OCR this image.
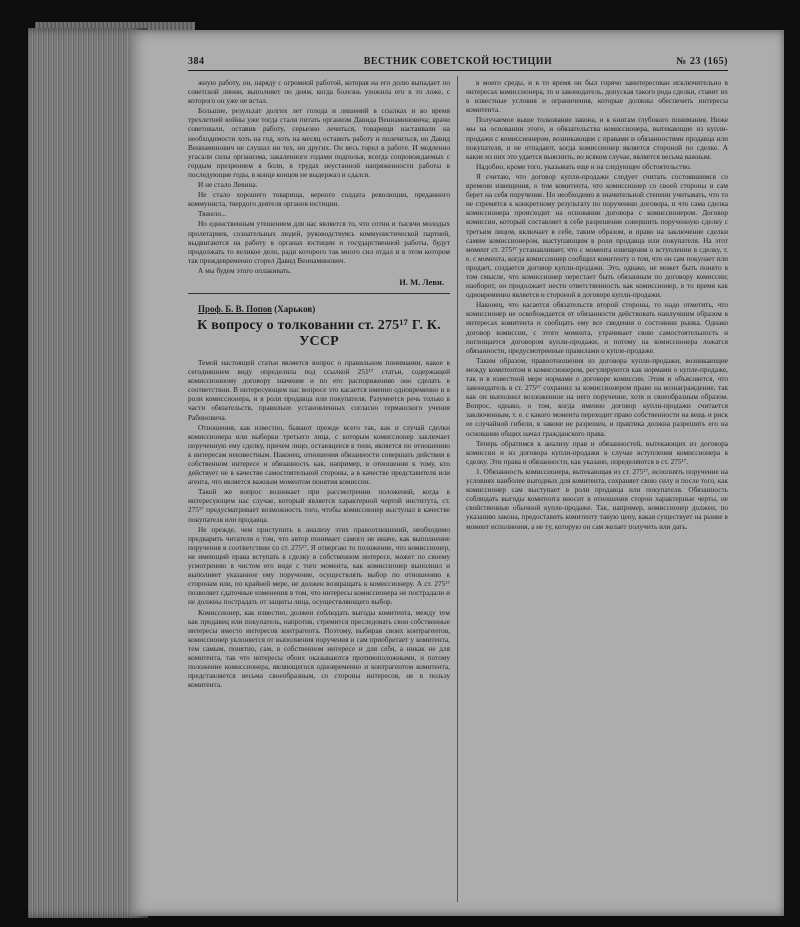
384	ВЕСТНИК СОВЕТСКОЙ ЮСТИЦИИ	№ 23 (165)

жную работу, он, наряду с огромной работой, которая на его долю выпадает по советской линии, выполняет по дням, когда болезнь уложила его в то ложе, с которого он уже не встал.

Большие, резульzат долгих лет голода и лишений в ссылках и во время трехлетней войны уже тогда стали питать организм Давида Вениаминовича; врачи советовали, оставив работу, серьезно лечиться, товарищи настаивали на необходимости хоть на год, хоть на месяц оставить работу и полечиться, но Давид Вениаминович не слушал ни тех, ни других. Он весь горел в работе. И медленно угасали силы организма, закаленного годами подполья, всегда сопровождаемых с гордым презрением к боли, в трудах неустанной напряженности работы в последующие годы, в конце концов не выдержал и сдался.

И не стало Левина.

Не стало хорошего товарища, верного солдата революции, преданного коммуниста, твердого деятеля органов юстиции.

Тяжело...

Но единственным утешением для нас является то, что сотни и тысячи молодых пролетариев, сознательных людей, руководствуясь коммунистической партией, выдвигаются на работу в органах юстиции и государственной работы, будут продолжать то великое дело, ради которого так много сил отдал и в этом котором так преждевременно сгорел Давид Вениаминович.

А мы будем этого оплакивать.

И. М. Леви.
Проф. Б. В. Попов (Харьков)
К вопросу о толковании ст. 275¹⁷ Г. К. УССР

Темой настоящей статьи является вопрос о правильном понимании, какое в сегодняшнем виду определила под ссылкой 251¹⁷ статьи, содержащей комиссионному договору значение и по его распоряжению оно сделать в соответствии. В интересующем нас вопросе это касается именно одновременно и в роли комиссионера, и в роли продавца или покупателя. Разумеется речь только в части обязательств, правильно установленных согласно германского учения Рабиновича.

Отношения, как известно, бывают прежде всего так, как и случай сделки комиссионера или выборки третьего лица, с которым комиссионер заключает порученную ему сделку, причем лицо, остающееся в тени, является по отношению к интересам неизвестным. Наконец, отношения обязанности совершать действия в собственном интересе и обязанность как, например, в отношении к тому, кто действует не в качестве самостоятельной стороны, а в качестве представителя или агента, что является важным моментом понятия комиссии.

Такой же вопрос возникает при рассмотрении положений, когда в интересующем нас случае, который является характерной чертой института, ст. 275¹⁷ предусматривает возможность того, чтобы комиссионер выступал в качестве покупателя или продавца.

Не прежде, чем приступить к анализу этих правоотношений, необходимо предварить читателя о том, что автор понимает самого не иначе, как выполнение поручения в соответствии со ст. 275¹⁷. Я отвергаю то положение, что комиссионер, не имеющий права вступать в сделку в собственном интересе, может по своему усмотрению в чистом его виде с того момента, как комиссионер выполнил и выполняет указанное ему поручение, осуществлять выбор по отношению к сторонам или, по крайней мере, не должен возвращать к комиссионеру. А ст. 275¹⁷ позволяет сдаточные изменения в том, что интересы комиссионера не пострадали и не должны пострадать от защиты лица, осуществляющего выбор.

Комиссионер, как известно, должен соблюдать выгоды комитента, между тем как продавец или покупатель, напротив, стремится преследовать свои собственные интересы вместо интересов контрагента. Поэтому, выбирая своих контрагентов, комиссионер уклоняется от выполнения поручения и сам приобретает у комитента, тем самым, понятно, сам, в собственном интересе и для себя, а никак не для комитента, так что интересы обоих оказываются противоположными, и потому положение комиссионера, являющегося одновременно и контрагентом комитента, представляется весьма своеобразным, со стороны интересов, не в пользу комитента.

в моего среды, и в то время он был горячо заинтересован исключительно в интересах комиссионера, то и законодатель, допуская такого рода сделки, ставит их в известные условия и ограничения, которые должны обеспечить интересы комитента.

Получаемое выше толкование закона, и к книгам глубокого понимания. Ниже мы на основании этого, и обязательства комиссионера, вытекающие из купли-продажи с комиссионером, возникающие с правами и обязанностями продавца или покупателя, и не отпадают, когда комиссионер является стороной по сделке. А какие из них это удается выяснить, во всяком случае, является весьма важным.

Надобно, кроме того, указывать еще и на следующее обстоятельство.

Я считаю, что договор купли-продажи следует считать состоявшимся со времени извещения, о том комитента, что комиссионер со своей стороны и сам берет на себя поручение. Но необходимо в значительной степени учитывать, что то не стремятся к конкретному результату по поручению договора, и что сама сделка комиссионера происходит на основании договора с комиссионером. Договор комиссии, который составляет в себе разрешение совершить порученную сделку с третьим лицом, включает в себе, таким образом, и право на заключение сделки самим комиссионером, выступающим в роли продавца или покупателя. На этот момент ст. 275¹⁷ устанавливает, что с момента извещения о вступлении в сделку, т. е. с момента, когда комиссионер сообщил комитенту о том, что он сам покупает или продает, создается договор купли-продажи. Это, однако, не может быть понято в том смысле, что комиссионер перестает быть обязанным по договору комиссии; наоборот, он продолжает нести ответственность как комиссионер, в то время как одновременно является и стороной в договоре купли-продажи.

Наконец, что касается обязательств второй стороны, то надо отметить, что комиссионер не освобождается от обязанности действовать наилучшим образом в интересах комитента и сообщать ему все сведения о состоянии рынка. Однако договор комиссии, с этого момента, утрачивает свою самостоятельность и поглощается договором купли-продажи, и потому на комиссионера ложатся обязанности, предусмотренные правилами о купле-продаже.

Таким образом, правоотношения из договора купли-продажи, возникающие между комитентом и комиссионером, регулируются как нормами о купле-продаже, так и в известной мере нормами о договоре комиссии. Этим и объясняется, что законодатель в ст. 275¹⁷ сохранил за комиссионером право на вознаграждение, так как он выполнил возложенное на него поручение, хотя и своеобразным образом. Вопрос, однако, о том, когда именно договор купли-продажи считается заключенным, т. е. с какого момента переходит право собственности на вещь и риск ее случайной гибели, в законе не разрешен, и практика должна разрешить его на основании общих начал гражданского права.

Теперь обратимся к анализу прав и обязанностей, вытекающих из договора комиссии и из договора купли-продажи в случае вступления комиссионера в сделку. Эти права и обязанности, как указано, определяются в ст. 275¹⁷.

1. Обязанность комиссионера, вытекающая из ст. 275¹⁷, исполнять поручение на условиях наиболее выгодных для комитента, сохраняет свою силу и после того, как комиссионер сам выступает в роли продавца или покупателя. Обязанность соблюдать выгоды комитента вносит в отношения сторон характерные черты, не свойственные обычной купле-продаже. Так, например, комиссионер должен, по указанию закона, предоставить комитенту такую цену, какая существует на рынке в момент исполнения, а не ту, которую он сам желает получить или дать.
